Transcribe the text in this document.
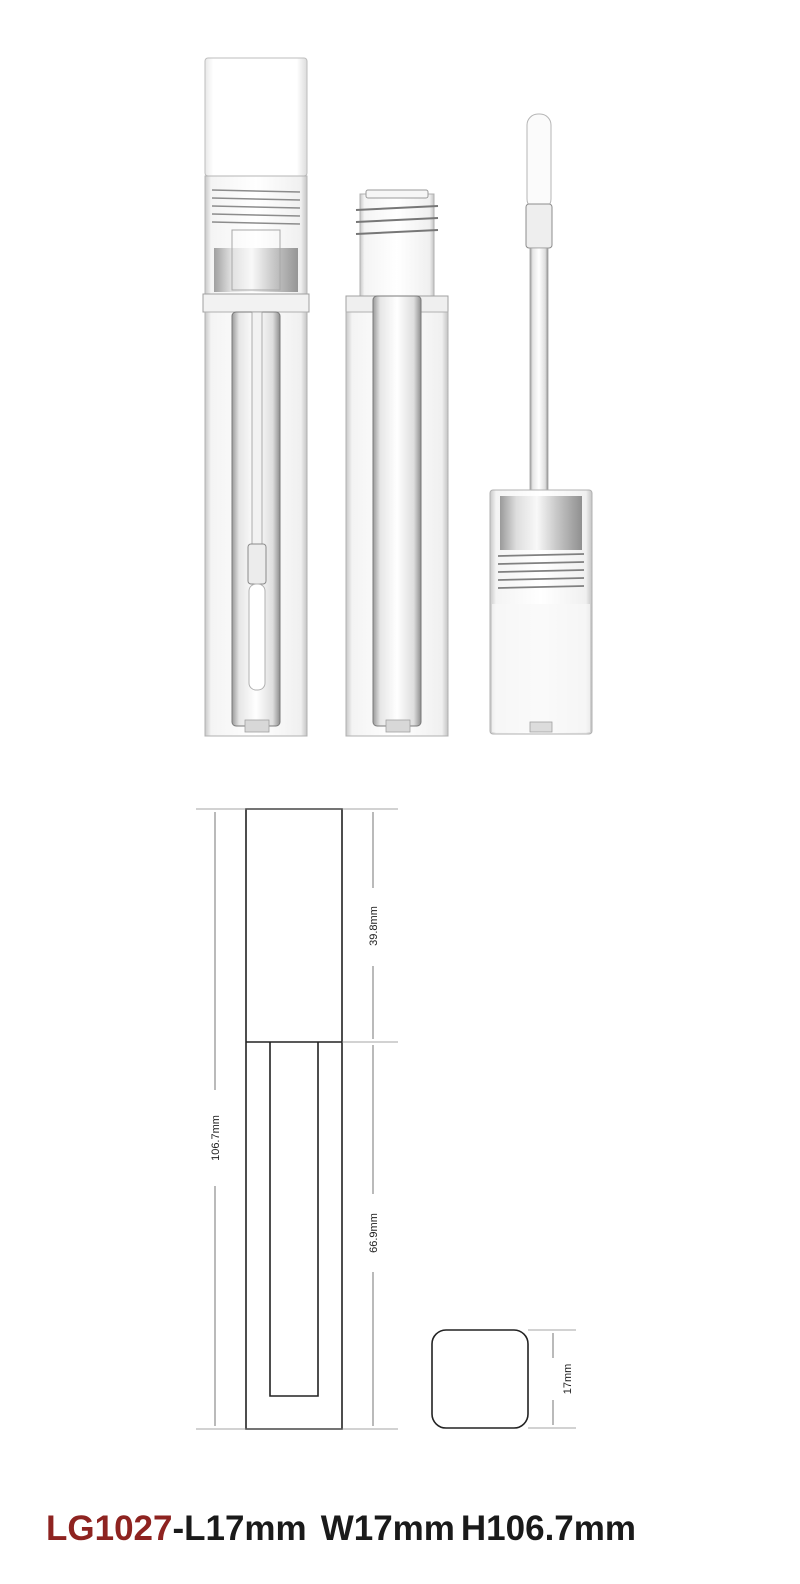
106.7mm
39.8mm
66.9mm
17mm
LG1027-L17mm W17mm H106.7mm
